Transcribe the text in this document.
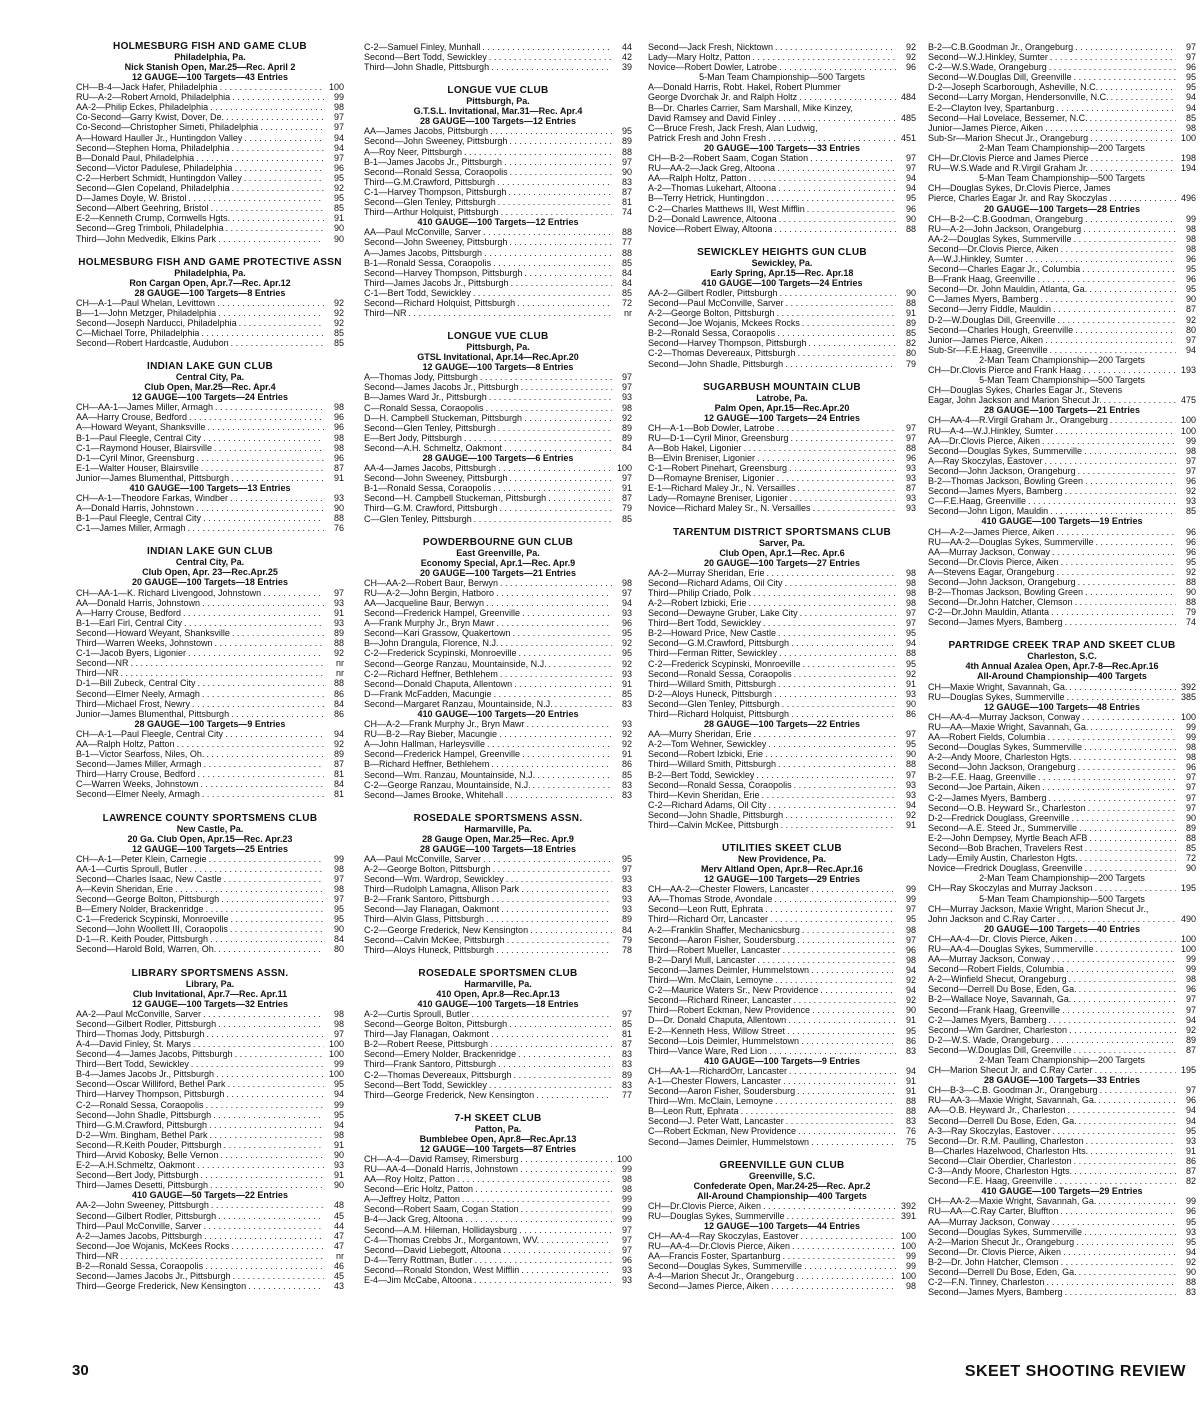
HOLMESBURG FISH AND GAME CLUB
Philadelphia, Pa.
Nick Stanish Open, Mar.25—Rec. April 2
12 GAUGE—100 Targets—43 Entries
CH—B-4—Jack Hafer, Philadelphia . . .	100
RU—A-2—Robert Arnold, Philadelphia . . .	99
AA-2—Philip Eckes, Philadelphia . . .	98
Co-Second—Garry Kwist, Dover, De. . . .	97
Co-Second—Christopher Simeti, Philadelphia . . .	97
A—Howard Hauller Jr., Huntingdon Valley . . .	94
Second—Stephen Homa, Philadelphia . . .	94
B—Donald Paul, Philadelphia . . .	97
Second—Victor Padulese, Philadelphia . . .	96
C-2—Herbert Schmidt, Huntingdon Valley . . .	95
Second—Glen Copeland, Philadelphia . . .	92
D—James Doyle, W. Bristol . . .	95
Second—Albert Geehring, Bristol . . .	85
E-2—Kenneth Crump, Cornwells Hgts. . . .	91
Second—Greg Trimboli, Philadelphia . . .	90
Third—John Medvedik, Elkins Park . . .	90
HOLMESBURG FISH AND GAME PROTECTIVE ASSN
Philadelphia, Pa.
Ron Cargan Open, Apr.7—Rec. Apr.12
28 GAUGE—100 Targets—8 Entries
CH—A-1—Paul Whelan, Levittown . . .	92
B—-1—John Metzger, Philadelphia . . .	92
Second—Joseph Narducci, Philadelphia . . .	92
C—Michael Torre, Philadelphia . . .	85
Second—Robert Hardcastle, Audubon . . .	85
INDIAN LAKE GUN CLUB
Central City, Pa.
Club Open, Mar.25—Rec. Apr.4
12 GAUGE—100 Targets—24 Entries
CH—AA-1—James Miller, Armagh . . .	98
AA—Harry Crouse, Bedford . . .	96
A—Howard Weyant, Shanksville . . .	96
B-1—Paul Fleegle, Central City . . .	98
C-1—Raymond Houser, Blairsville . . .	98
D-1—Cyril Minor, Greensburg . . .	96
E-1—Walter Houser, Blairsville . . .	87
Junior—James Blumenthal, Pittsburgh . . .	91
410 GAUGE—100 Targets—13 Entries
CH—A-1—Theodore Farkas, Windber . . .	93
A—Donald Harris, Johnstown . . .	90
B-1—Paul Fleegle, Central City . . .	88
C-1—James Miller, Armagh . . .	76
INDIAN LAKE GUN CLUB
Central City, Pa.
Club Open, Apr. 23—Rec.Apr.25
20 GAUGE—100 Targets—18 Entries
CH—AA-1—K. Richard Livengood, Johnstown . . .	97
AA—Donald Harris, Johnstown . . .	93
A—Harry Crouse, Bedford . . .	91
B-1—Earl Firl, Central City . . .	93
Second—Howard Weyant, Shanksville . . .	89
Third—Warren Weeks, Johnstown . . .	88
C-1—Jacob Byers, Ligonier . . .	92
Second—NR . . .	nr
Third—NR . . .	nr
D-1—Bill Zubeck, Central City . . .	88
Second—Elmer Neely, Armagh . . .	86
Third—Michael Frost, Newry . . .	84
Junior—James Blumenthal, Pittsburgh . . .	86
28 GAUGE—100 Targets—9 Entries
CH—A-1—Paul Fleegle, Central City . . .	94
AA—Ralph Holtz, Patton . . .	92
B-1—Victor Searfoss, Niles, Oh. . . .	89
Second—James Miller, Armagh . . .	87
Third—Harry Crouse, Bedford . . .	81
C—Warren Weeks, Johnstown . . .	84
Second—Elmer Neely, Armagh . . .	81
LAWRENCE COUNTY SPORTSMENS CLUB
New Castle, Pa.
20 Ga. Club Open, Apr.15—Rec. Apr.23
12 GAUGE—100 Targets—25 Entries
CH—A-1—Peter Klein, Carnegie . . .	99
AA-1—Curtis Sproull, Butler . . .	98
Second—Charles Isaac, New Castle . . .	97
A—Kevin Sheridan, Erie . . .	98
Second—George Bolton, Pittsburgh . . .	97
B—Emery Nolder, Brackenridge . . .	95
C-1—Frederick Scypinski, Monroeville . . .	95
Second—John Woollett III, Coraopolis . . .	90
D-1—R. Keith Pouder, Pittsburgh . . .	84
Second—Harold Bold, Warren, Oh. . . .	80
LIBRARY SPORTSMENS ASSN.
Library, Pa.
Club Invitational, Apr.7—Rec. Apr.11
12 GAUGE—100 Targets—32 Entries
AA-2—Paul McConville, Sarver . . .	98
Second—Gilbert Rodler, Pittsburgh . . .	98
Third—Thomas Jody, Pittsburgh . . .	97
A-4—David Finley, St. Marys . . .	100
Second—4—James Jacobs, Pittsburgh . . .	100
Third—Bert Todd, Sewickley . . .	99
B-4—James Jacobs Jr., Pittsburgh . . .	100
Second—Oscar Williford, Bethel Park . . .	95
Third—Harvey Thompson, Pittsburgh . . .	94
C-2—Ronald Sessa, Coraopolis . . .	99
Second—John Shadle, Pittsburgh . . .	95
Third—G.M.Crawford, Pittsburgh . . .	94
D-2—Wm. Bingham, Bethel Park . . .	98
Second—R.Keith Pouder, Pittsburgh . . .	91
Third—Arvid Kobosky, Belle Vernon . . .	90
E-2—A.H.Schmeltz, Oakmont . . .	93
Second—Bert Jody, Pittsburgh . . .	91
Third—James Desetti, Pittsburgh . . .	90
410 GAUGE—50 Targets—22 Entries
AA-2—John Sweeney, Pittsburgh . . .	48
Second—Gilbert Rodler, Pittsburgh . . .	45
Third—Paul McConville, Sarver . . .	44
A-2—James Jacobs, Pittsburgh . . .	47
Second—Joe Wojanis, McKees Rocks . . .	47
Third—NR . . .	nr
B-2—Ronald Sessa, Coraopolis . . .	46
Second—James Jacobs Jr., Pittsburgh . . .	45
Third—George Frederick, New Kensington . . .	43
C-2—Samuel Finley, Munhall . . .	44
Second—Bert Todd, Sewickley . . .	42
Third—John Shadle, Pittsburgh . . .	39
LONGUE VUE CLUB
Pittsburgh, Pa.
G.T.S.L. Invitational, Mar.31—Rec. Apr.4
28 GAUGE—100 Targets—12 Entries
AA—James Jacobs, Pittsburgh . . .	95
Second—John Sweeney, Pittsburgh . . .	89
A—Roy Neer, Pittsburgh . . .	88
B-1—James Jacobs Jr., Pittsburgh . . .	97
Second—Ronald Sessa, Coraopolis . . .	90
Third—G.M.Crawford, Pittsburgh . . .	83
C-1—Harvey Thompson, Pittsburgh . . .	87
Second—Glen Tenley, Pittsburgh . . .	81
Third—Arthur Holquist, Pittsburgh . . .	74
410 GAUGE—100 Targets—12 Entries
AA—Paul McConville, Sarver . . .	88
Second—John Sweeney, Pittsburgh . . .	77
A—James Jacobs, Pittsburgh . . .	88
B-1—Ronald Sessa, Coraopolis . . .	85
Second—Harvey Thompson, Pittsburgh . . .	84
Third—James Jacobs Jr., Pittsburgh . . .	84
C-1—Bert Todd, Sewickley . . .	85
Second—Richard Holquist, Pittsburgh . . .	72
Third—NR . . .	nr
LONGUE VUE CLUB
Pittsburgh, Pa.
GTSL Invitational, Apr.14—Rec.Apr.20
12 GAUGE—100 Targets—8 Entries
A—Thomas Jody, Pittsburgh . . .	97
Second—James Jacobs Jr., Pittsburgh . . .	97
B—James Ward Jr., Pittsburgh . . .	93
C—Ronald Sessa, Coraopolis . . .	98
D—H. Campbell Stuckeman, Pittsburgh . . .	92
Second—Glen Tenley, Pittsburgh . . .	89
E—Bert Jody, Pittsburgh . . .	89
Second—A.H. Schmeltz, Oakmont . . .	84
28 GAUGE—100 Targets—6 Entries
AA-4—James Jacobs, Pittsburgh . . .	100
Second—John Sweeney, Pittsburgh . . .	97
B-1—Ronald Sessa, Coraopolis . . .	91
Second—H. Campbell Stuckeman, Pittsburgh . . .	87
Third—G.M. Crawford, Pittsburgh . . .	79
C—Glen Tenley, Pittsburgh . . .	85
POWDERBOURNE GUN CLUB
East Greenville, Pa.
Economy Special, Apr.1—Rec. Apr.9
20 GAUGE—100 Targets—21 Entries
CH—AA-2—Robert Baur, Berwyn . . .	98
RU—A-2—John Bergin, Hatboro . . .	97
AA—Jacqueline Baur, Berwyn . . .	94
Second—Frederick Hampel, Greenville . . .	93
A—Frank Murphy Jr., Bryn Mawr . . .	96
Second—Kari Grassow, Quakertown . . .	95
B—John Drangula, Florence, N.J. . . .	92
C-2—Frederick Scypinski, Monroeville . . .	95
Second—George Ranzau, Mountainside, N.J. . . .	92
C-2—Richard Heffner, Bethlehem . . .	93
Second—Donald Chaputa, Allentown . . .	91
D—Frank McFadden, Macungie . . .	85
Second—Margaret Ranzau, Mountainside, N.J. . . .	83
410 GAUGE—100 Targets—20 Entries
CH—A-2—Frank Murphy Jr., Bryn Mawr . . .	93
RU—B-2—Ray Bieber, Macungie . . .	92
A—John Hallman, Harleysville . . .	92
Second—Frederick Hampel, Greenville . . .	91
B—Richard Heffner, Bethlehem . . .	86
Second—Wm. Ranzau, Mountainside, N.J. . . .	85
C-2—George Ranzau, Mountainside, N.J. . . .	83
Second—James Brooke, Whitehall . . .	83
ROSEDALE SPORTSMENS ASSN.
Harmarville, Pa.
28 Gauge Open, Mar.25—Rec. Apr.9
28 GAUGE—100 Targets—18 Entries
AA—Paul McConville, Sarver . . .	95
A-2—George Bolton, Pittsburgh . . .	97
Second—Wm. Wardrop, Sewickley . . .	93
Third—Rudolph Lamagna, Allison Park . . .	83
B-2—Frank Santoro, Pittsburgh . . .	93
Second—Jay Flanagan, Oakmont . . .	93
Third—Alvin Glass, Pittsburgh . . .	89
C-2—George Frederick, New Kensington . . .	84
Second—Calvin McKee, Pittsburgh . . .	79
Third—Aloys Huneck, Pittsburgh . . .	78
ROSEDALE SPORTSMEN CLUB
Harmarville, Pa.
410 Open, Apr.8—Rec.Apr.13
410 GAUGE—100 Targets—18 Entries
A-2—Curtis Sproull, Butler . . .	97
Second—George Bolton, Pittsburgh . . .	85
Third—Jay Flanagan, Oakmont . . .	81
B-2—Robert Reese, Pittsburgh . . .	87
Second—Emery Nolder, Brackenridge . . .	83
Third—Frank Santoro, Pittsburgh . . .	83
C-2—Thomas Devereaux, Pittsburgh . . .	89
Second—Bert Todd, Sewickley . . .	83
Third—George Frederick, New Kensington . . .	77
7-H SKEET CLUB
Patton, Pa.
Bumblebee Open, Apr.8—Rec.Apr.13
12 GAUGE—100 Targets—87 Entries
CH—A-4—David Ramsey, Rimersburg . . .	100
RU—AA-4—Donald Harris, Johnstown . . .	99
AA—Roy Holtz, Patton . . .	98
Second—Eric Holtz, Patton . . .	98
A—Jeffrey Holtz, Patton . . .	99
Second—Robert Saam, Cogan Station . . .	99
B-4—Jack Greg, Altoona . . .	99
Second—A.M. Hileman, Hollidaysburg . . .	97
C-4—Thomas Crebbs Jr., Morgantown, WV. . . .	97
Second—David Liebegott, Altoona . . .	97
D-4—Terry Rottman, Butler . . .	96
Second—Ronald Stondon, West Mifflin . . .	93
E-4—Jim McCabe, Altoona . . .	93
Second—Jack Fresh, Nicktown . . .	92
Lady—Mary Holtz, Patton . . .	92
Novice—Robert Dowler, Latrobe . . .	96
5-Man Team Championship—500 Targets
A—Donald Harris, Robt. Hakel, Robert Plummer
George Dvorchak Jr. and Ralph Holtz . . .	484
B—Dr. Charles Carrier, Sam Marshall, Mike Kinzey,
David Ramsey and David Finley . . .	485
C—Bruce Fresh, Jack Fresh, Alan Ludwig,
Patrick Fresh and John Fresh . . .	451
20 GAUGE—100 Targets—33 Entries
CH—B-2—Robert Saam, Cogan Station . . .	97
RU—AA-2—Jack Greg, Altoona . . .	97
AA—Ralph Holtz, Patton . . .	94
A-2—Thomas Lukehart, Altoona . . .	94
B—Terry Hetrick, Huntingdon . . .	95
C-2—Charles Matthews III, West Mifflin . . .	96
D-2—Donald Lawrence, Altoona . . .	90
Novice—Robert Elway, Altoona . . .	88
SEWICKLEY HEIGHTS GUN CLUB
Sewickley, Pa.
Early Spring, Apr.15—Rec. Apr.18
410 GAUGE—100 Targets—24 Entries
AA-2—Gilbert Rodler, Pittsburgh . . .	90
Second—Paul McConville, Sarver . . .	88
A-2—George Bolton, Pittsburgh . . .	91
Second—Joe Wojanis, Mckees Rocks . . .	89
B-2—Ronald Sessa, Coraopolis . . .	85
Second—Harvey Thompson, Pittsburgh . . .	82
C-2—Thomas Devereaux, Pittsburgh . . .	80
Second—John Shadle, Pittsburgh . . .	79
SUGARBUSH MOUNTAIN CLUB
Latrobe, Pa.
Palm Open, Apr.15—Rec.Apr.20
12 GAUGE—100 Targets—24 Entries
CH—A-1—Bob Dowler, Latrobe . . .	97
RU—D-1—Cyril Minor, Greensburg . . .	97
A—Bob Hakel, Ligonier . . .	88
B—Elvin Breniser, Ligonier . . .	96
C-1—Robert Pinehart, Greensburg . . .	93
D—Romayne Breniser, Ligonier . . .	93
E-1—Richard Maley Jr., N. Versailles . . .	87
Lady—Romayne Breniser, Ligonier . . .	93
Novice—Richard Maley Sr., N. Versailles . . .	93
TARENTUM DISTRICT SPORTSMANS CLUB
Sarver, Pa.
Club Open, Apr.1—Rec. Apr.6
20 GAUGE—100 Targets—27 Entries
AA-2—Murray Sheridan, Erie . . .	98
Second—Richard Adams, Oil City . . .	98
Third—Philip Criado, Polk . . .	98
A-2—Robert Izbicki, Erie . . .	98
Second—Dewayne Gruber, Lake City . . .	97
Third—Bert Todd, Sewickley . . .	97
B-2—Howard Price, New Castle . . .	95
Second—G.M.Crawford, Pittsburgh . . .	94
Third—Ferman Ritter, Sewickley . . .	88
C-2—Frederick Scypinski, Monroeville . . .	95
Second—Ronald Sessa, Coraopolis . . .	92
Third—Willard Smith, Pittsburgh . . .	91
D-2—Aloys Huneck, Pittsburgh . . .	93
Second—Glen Tenley, Pittsburgh . . .	90
Third—Richard Holquist, Pittsburgh . . .	86
28 GAUGE—100 Targets—22 Entries
AA—Murry Sheridan, Erie . . .	97
A-2—Tom Wehner, Sewickley . . .	95
Second—Robert Izbicki, Erie . . .	90
Third—Willard Smith, Pittsburgh . . .	88
B-2—Bert Todd, Sewickley . . .	97
Second—Ronald Sessa, Coraopolis . . .	93
Third—Kevin Sheridan, Erie . . .	93
C-2—Richard Adams, Oil City . . .	94
Second—John Shadle, Pittsburgh . . .	92
Third—Calvin McKee, Pittsburgh . . .	91
UTILITIES SKEET CLUB
New Providence, Pa.
Merv Altland Open, Apr.8—Rec.Apr.16
12 GAUGE—100 Targets—29 Entries
CH—AA-2—Chester Flowers, Lancaster . . .	99
AA—Thomas Strode, Avondale . . .	99
Second—Leon Rutt, Ephrata . . .	97
Third—Richard Orr, Lancaster . . .	95
A-2—Franklin Shaffer, Mechanicsburg . . .	98
Second—Aaron Fisher, Soudersburg . . .	97
Third—Robert Mueller, Lancaster . . .	96
B-2—Daryl Mull, Lancaster . . .	98
Second—James Deimler, Hummelstown . . .	94
Third—Wm. McClain, Lemoyne . . .	92
C-2—Maurice Waters Sr., New Providence . . .	94
Second—Richard Rineer, Lancaster . . .	92
Third—Robert Eckman, New Providence . . .	90
D—Dr. Donald Chaputa, Allentown . . .	91
E-2—Kenneth Hess, Willow Street . . .	95
Second—Lois Deimler, Hummelstown . . .	86
Third—Vance Ware, Red Lion . . .	83
410 GAUGE—100 Targets—9 Entries
CH—AA-1—RichardOrr, Lancaster . . .	94
A-1—Chester Flowers, Lancaster . . .	91
Second—Aaron Fisher, Soudersburg . . .	91
Third—Wm. McClain, Lemoyne . . .	88
B—Leon Rutt, Ephrata . . .	88
Second—J. Peter Watt, Lancaster . . .	83
C—Robert Eckman, New Providence . . .	76
Second—James Deimler, Hummelstown . . .	75
GREENVILLE GUN CLUB
Greenville, S.C.
Confederate Open, Mar.24-25—Rec. Apr.2
All-Around Championship—400 Targets
CH—Dr.Clovis Pierce, Aiken . . .	392
RU—Douglas Sykes, Summerville . . .	391
12 GAUGE—100 Targets—44 Entries
CH—AA-4—Ray Skoczylas, Eastover . . .	100
RU—AA-4—Dr.Clovis Pierce, Aiken . . .	100
AA—Francis Foster, Spartanburg . . .	99
Second—Douglas Sykes, Summerville . . .	99
A-4—Marion Shecut Jr., Orangeburg . . .	100
Second—James Pierce, Aiken . . .	98
B-2—C.B.Goodman Jr., Orangeburg . . .	97
Second—W.J.Hinkley, Sumter . . .	97
C-2—W.S.Wade, Orangeburg . . .	96
Second—W.Douglas Dill, Greenville . . .	95
D-2—Joseph Scarborough, Asheville, N.C. . . .	95
Second—Larry Morgan, Hendersonville, N.C. . . .	94
E-2—Clayton Ivey, Spartanburg . . .	94
Second—Hal Lovelace, Bessemer, N.C. . . .	85
Junior—James Pierce, Aiken . . .	98
Sub-Sr—Marion Shecut Jr., Orangeburg . . .	100
2-Man Team Championship—200 Targets
CH—Dr.Clovis Pierce and James Pierce . . .	198
RU—W.S.Wade and R.Virgil Graham Jr. . . .	194
5-Man Team Championship—500 Targets
CH—Douglas Sykes, Dr.Clovis Pierce, James
Pierce, Charles Eagar Jr. and Ray Skoczylas . . .	496
20 GAUGE—100 Targets—28 Entries
CH—B-2—C.B.Goodman, Orangeburg . . .	99
RU—A-2—John Jackson, Orangeburg . . .	98
AA-2—Douglas Sykes, Summerville . . .	98
Second—Dr.Clovis Pierce, Aiken . . .	98
A—W.J.Hinkley, Sumter . . .	96
Second—Charles Eagar Jr., Columbia . . .	95
B—Frank Haag, Greenville . . .	96
Second—Dr. John Mauldin, Atlanta, Ga. . . .	95
C—James Myers, Bamberg . . .	90
Second—Jerry Fiddle, Mauldin . . .	87
D-2—W.Douglas Dill, Greenville . . .	92
Second—Charles Hough, Greenville . . .	80
Junior—James Pierce, Aiken . . .	97
Sub-Sr—F.E.Haag, Greenville . . .	94
2-Man Team Championship—200 Targets
CH—Dr.Clovis Pierce and Frank Haag . . .	193
5-Man Team Championship—500 Targets
CH—Douglas Sykes, Charles Eagar Jr., Stevens
Eagar, John Jackson and Marion Shecut Jr. . . .	475
28 GAUGE—100 Targets—21 Entries
CH—AA-4—R.Virgil Graham Jr., Orangeburg . . .	100
RU—A-4—W.J.Hinkley, Sumter . . .	100
AA—Dr.Clovis Pierce, Aiken . . .	99
Second—Douglas Sykes, Summerville . . .	98
A—Ray Skoczylas, Eastover . . .	97
Second—John Jackson, Orangeburg . . .	97
B-2—Thomas Jackson, Bowling Green . . .	96
Second—James Myers, Bamberg . . .	92
C—F.E.Haag, Greenville . . .	93
Second—John Ligon, Mauldin . . .	85
410 GAUGE—100 Targets—19 Entries
CH—A-2—James Pierce, Aiken . . .	96
RU—AA-2—Douglas Sykes, Summerville . . .	96
AA—Murray Jackson, Conway . . .	96
Second—Dr.Clovis Pierce, Aiken . . .	95
A—Stevens Eagar, Orangeburg . . .	92
Second—John Jackson, Orangeburg . . .	88
B-2—Thomas Jackson, Bowling Green . . .	90
Second—Dr.John Hatcher, Clemson . . .	88
C-2—Dr.John Mauldin, Atlanta . . .	79
Second—James Myers, Bamberg . . .	74
PARTRIDGE CREEK TRAP AND SKEET CLUB
Charleston, S.C.
4th Annual Azalea Open, Apr.7-8—Rec.Apr.16
All-Around Championship—400 Targets
CH—Maxie Wright, Savannah, Ga. . . .	392
RU—Douglas Sykes, Summerville . . .	385
12 GAUGE—100 Targets—48 Entries
CH—AA-4—Murray Jackson, Conway . . .	100
RU—AA—Maxie Wright, Savannah, Ga. . . .	99
AA—Robert Fields, Columbia . . .	99
Second—Douglas Sykes, Summerville . . .	98
A-2—Andy Moore, Charleston Hgts. . . .	98
Second—John Jackson, Orangeburg . . .	96
B-2—F.E. Haag, Greenville . . .	97
Second—Joe Partain, Aiken . . .	97
C-2—James Myers, Bamberg . . .	97
Second—O.B. Heyward Sr., Charleston . . .	97
D-2—Fredrick Douglass, Greenville . . .	90
Second—A.E. Steed Jr., Summerville . . .	89
E-2—John Dempsey, Myrtle Beach AFB . . .	88
Second—Bob Brachen, Travelers Rest . . .	85
Lady—Emily Austin, Charleston Hgts. . . .	72
Novice—Fredrick Douglass, Greenville . . .	90
2-Man Team Championship—200 Targets
CH—Ray Skoczylas and Murray Jackson . . .	195
5-Man Team Championship—500 Targets
CH—Murray Jackson, Maxie Wright, Marion Shecut Jr.,
John Jackson and C.Ray Carter . . .	490
20 GAUGE—100 Targets—40 Entries
CH—AA-4—Dr. Clovis Pierce, Aiken . . .	100
RU—AA-4—Douglas Sykes, Summerville . . .	100
AA—Murray Jackson, Conway . . .	99
Second—Robert Fields, Columbia . . .	99
A-2—Winfield Shecut, Orangeburg . . .	98
Second—Derrell Du Bose, Eden, Ga. . . .	96
B-2—Wallace Noye, Savannah, Ga. . . .	97
Second—Frank Haag, Greenville . . .	97
C-2—James Myers, Bamberg . . .	94
Second—Wm Gardner, Charleston . . .	92
D-2—W.S. Wade, Orangeburg . . .	89
Second—W.Douglas Dill, Greenville . . .	87
2-Man Team Championship—200 Targets
CH—Marion Shecut Jr. and C.Ray Carter . . .	195
28 GAUGE—100 Targets—33 Entries
CH—B-3—C.B. Goodman Jr., Orangeburg . . .	97
RU—AA-3—Maxie Wright, Savannah, Ga. . . .	96
AA—O.B. Heyward Jr., Charleston . . .	94
Second—Derrell Du Bose, Eden, Ga. . . .	94
A-3—Ray Skoczylas, Eastover . . .	95
Second—Dr. R.M. Paulling, Charleston . . .	93
B—Charles Hazelwood, Charleston Hts. . . .	91
Second—Clair Oberdier, Charleston . . .	86
C-3—Andy Moore, Charleston Hgts. . . .	87
Second—F.E. Haag, Greenville . . .	82
410 GAUGE—100 Targets—29 Entries
CH—AA-2—Maxie Wright, Savannah, Ga. . . .	99
RU—AA—C.Ray Carter, Bluffton . . .	96
AA—Murray Jackson, Conway . . .	95
Second—Douglas Sykes, Summerville . . .	93
A-2—Marion Shecut Jr., Orangeburg . . .	95
Second—Dr. Clovis Pierce, Aiken . . .	94
B-2—Dr. John Hatcher, Clemson . . .	92
Second—Derrell Du Bose, Eden, Ga. . . .	90
C-2—F.N. Tinney, Charleston . . .	88
Second—James Myers, Bamberg . . .	83
30	SKEET SHOOTING REVIEW
